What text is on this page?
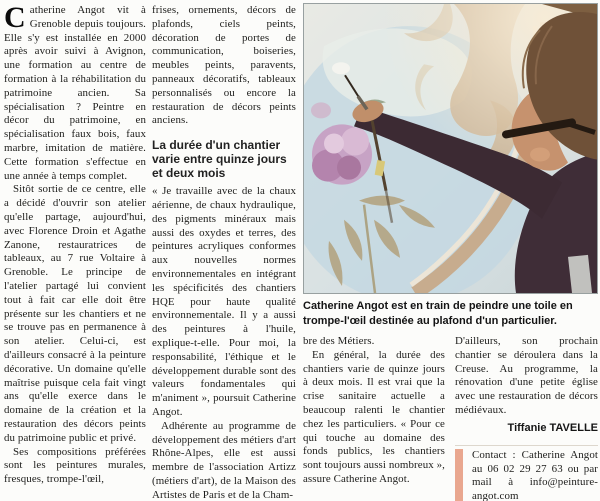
Catherine Angot vit à Grenoble depuis toujours. Elle s'y est installée en 2000 après avoir suivi à Avignon, une formation au centre de formation à la réhabilitation du patrimoine ancien. Sa spécialisation ? Peintre en décor du patrimoine, en spécialisation faux bois, faux marbre, imitation de matière. Cette formation s'effectue en une année à temps complet.

Sitôt sortie de ce centre, elle a décidé d'ouvrir son atelier qu'elle partage, aujourd'hui, avec Florence Droin et Agathe Zanone, restauratrices de tableaux, au 7 rue Voltaire à Grenoble. Le principe de l'atelier partagé lui convient tout à fait car elle doit être présente sur les chantiers et ne se trouve pas en permanence à son atelier. Celui-ci, est d'ailleurs consacré à la peinture décorative. Un domaine qu'elle maîtrise puisque cela fait vingt ans qu'elle exerce dans le domaine de la création et la restauration des décors peints du patrimoine public et privé.

Ses compositions préférées sont les peintures murales, fresques, trompe-l'œil,

frises, ornements, décors de plafonds, ciels peints, décoration de portes de communication, boiseries, meubles peints, paravents, panneaux décoratifs, tableaux personnalisés ou encore la restauration de décors peints anciens.

La durée d'un chantier varie entre quinze jours et deux mois

« Je travaille avec de la chaux aérienne, de chaux hydraulique, des pigments minéraux mais aussi des oxydes et terres, des peintures acryliques conformes aux nouvelles normes environnementales en intégrant les spécificités des chantiers HQE pour haute qualité environnementale. Il y a aussi des peintures à l'huile, explique-t-elle. Pour moi, la responsabilité, l'éthique et le développement durable sont des valeurs fondamentales qui m'animent », poursuit Catherine Angot.

Adhérente au programme de développement des métiers d'art Rhône-Alpes, elle est aussi membre de l'association Artizz (métiers d'art), de la Maison des Artistes de Paris et de la Cham-

Catherine Angot est en train de peindre une toile en trompe-l'œil destinée au plafond d'un particulier.

bre des Métiers.

En général, la durée des chantiers varie de quinze jours à deux mois. Il est vrai que la crise sanitaire actuelle a beaucoup ralenti le chantier chez les particuliers. « Pour ce qui touche au domaine des fonds publics, les chantiers sont toujours aussi nombreux », assure Catherine Angot.

D'ailleurs, son prochain chantier se déroulera dans la Creuse. Au programme, la rénovation d'une petite église avec une restauration de décors médiévaux.

Tiffanie TAVELLE

Contact : Catherine Angot au 06 02 29 27 63 ou par mail à info@peinture-angot.com
